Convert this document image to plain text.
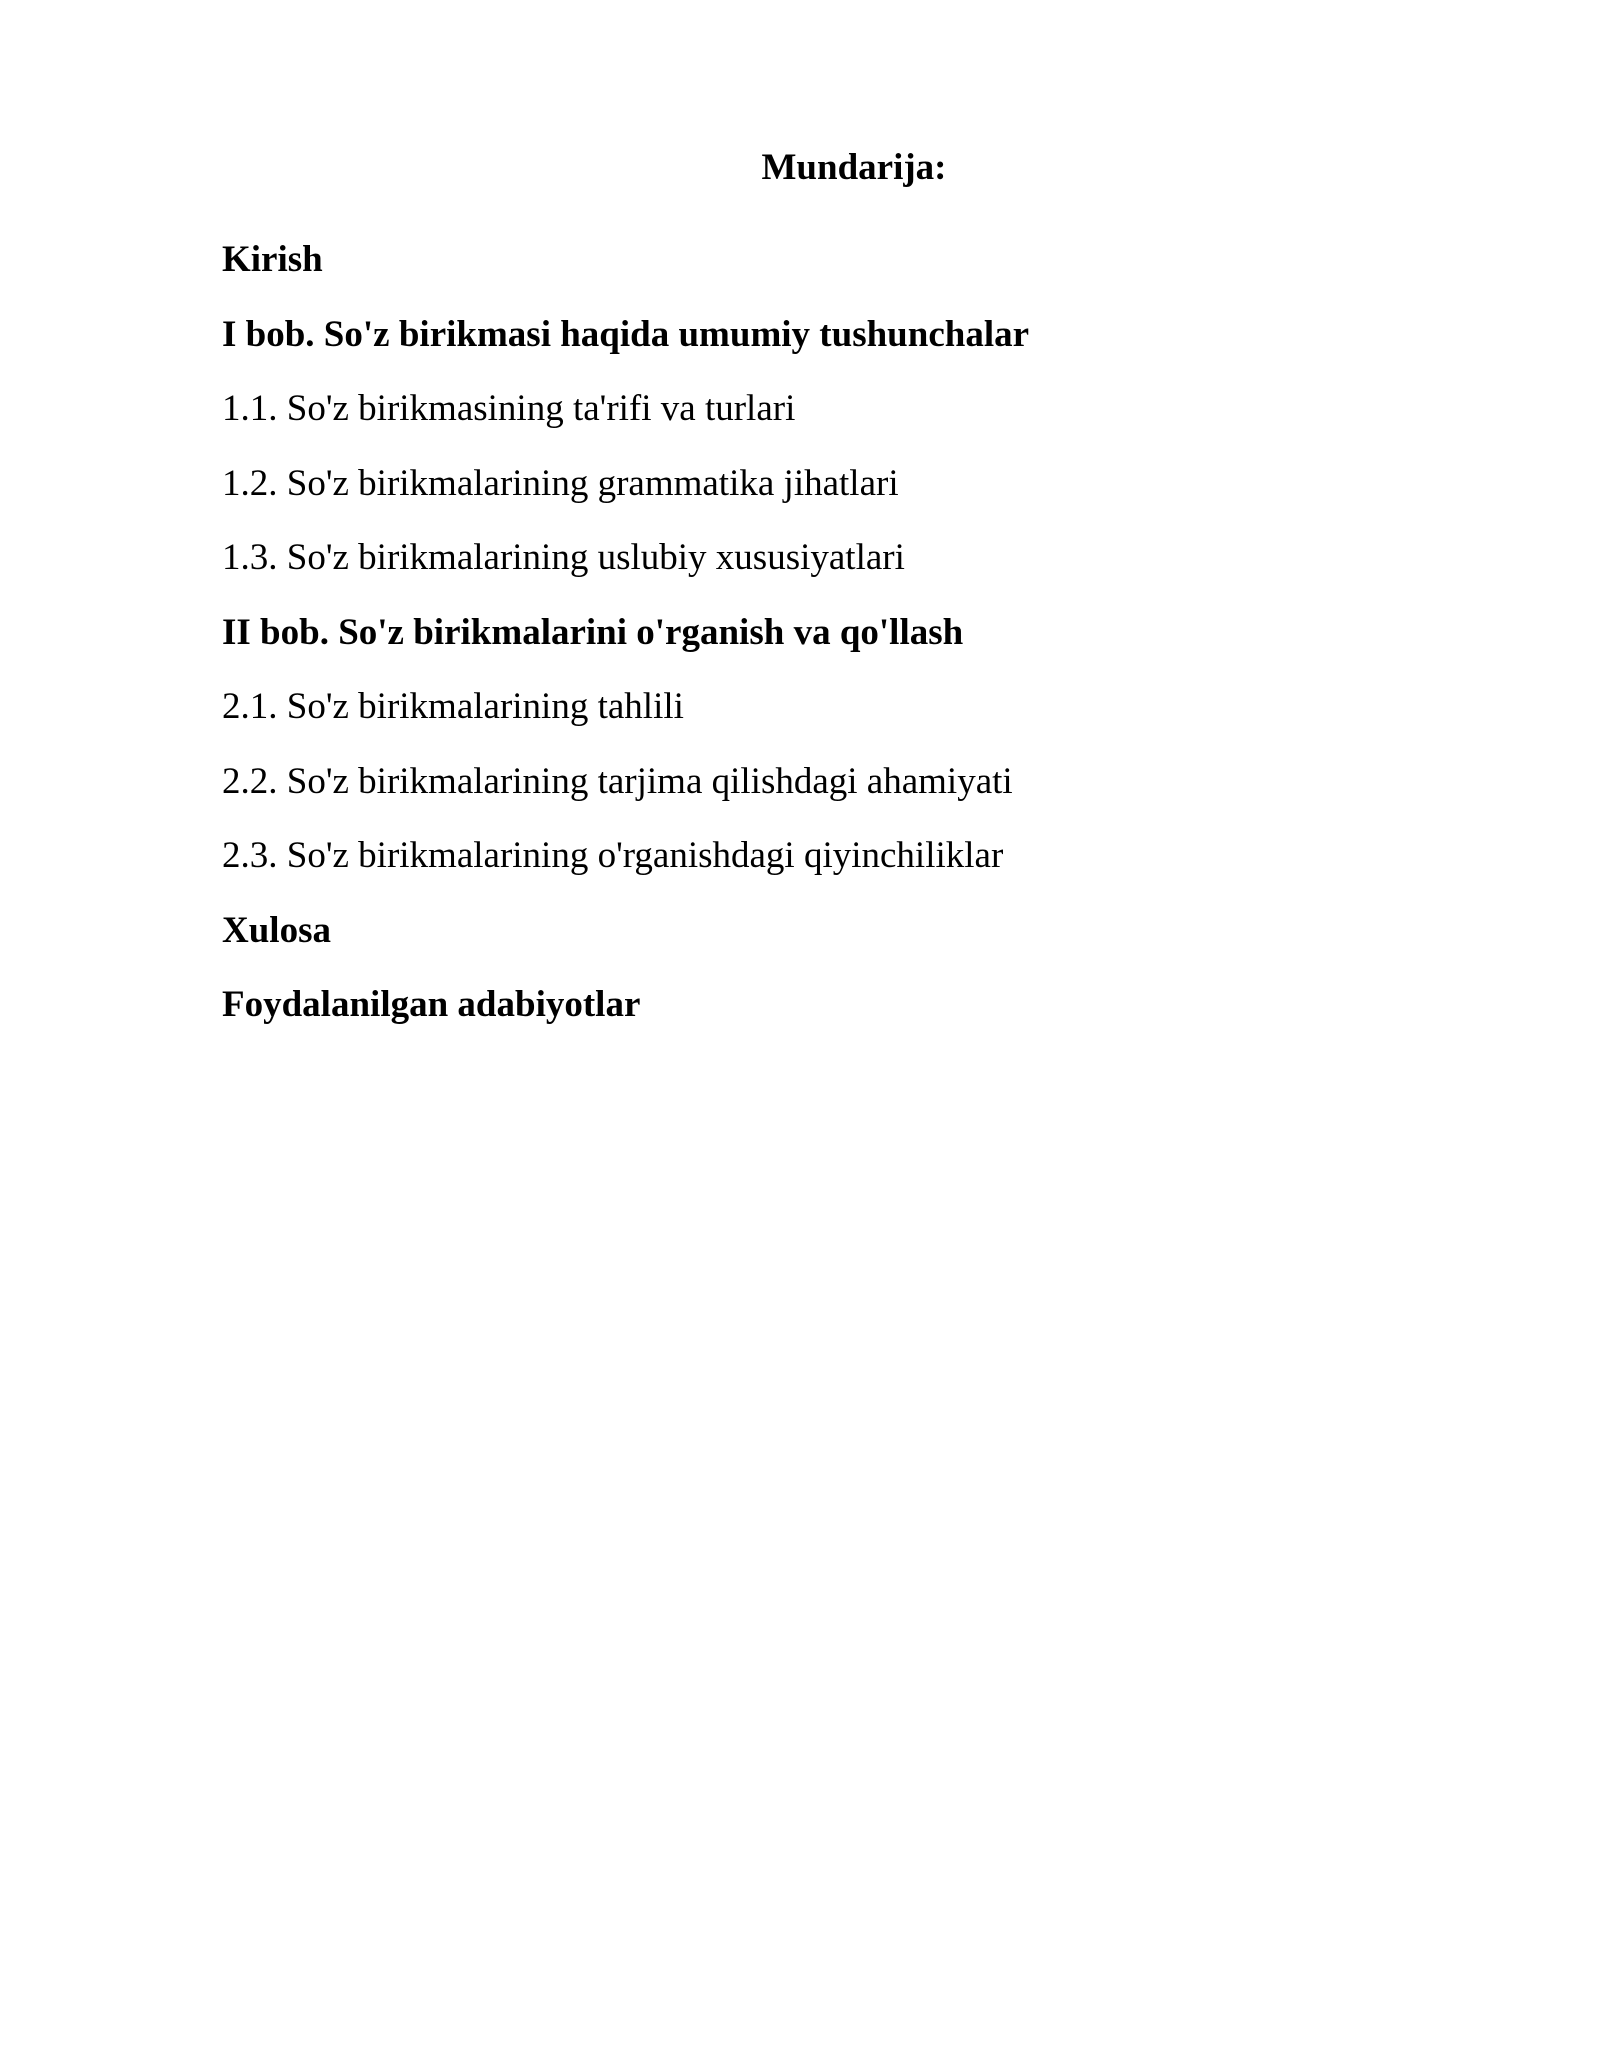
Mundarija:
Kirish
I bob. So'z birikmasi haqida umumiy tushunchalar
1.1. So'z birikmasining ta'rifi va turlari
1.2. So'z birikmalarining grammatika jihatlari
1.3. So'z birikmalarining uslubiy xususiyatlari
II bob. So'z birikmalarini o'rganish va qo'llash
2.1. So'z birikmalarining tahlili
2.2. So'z birikmalarining tarjima qilishdagi ahamiyati
2.3. So'z birikmalarining o'rganishdagi qiyinchiliklar
Xulosa
Foydalanilgan adabiyotlar
